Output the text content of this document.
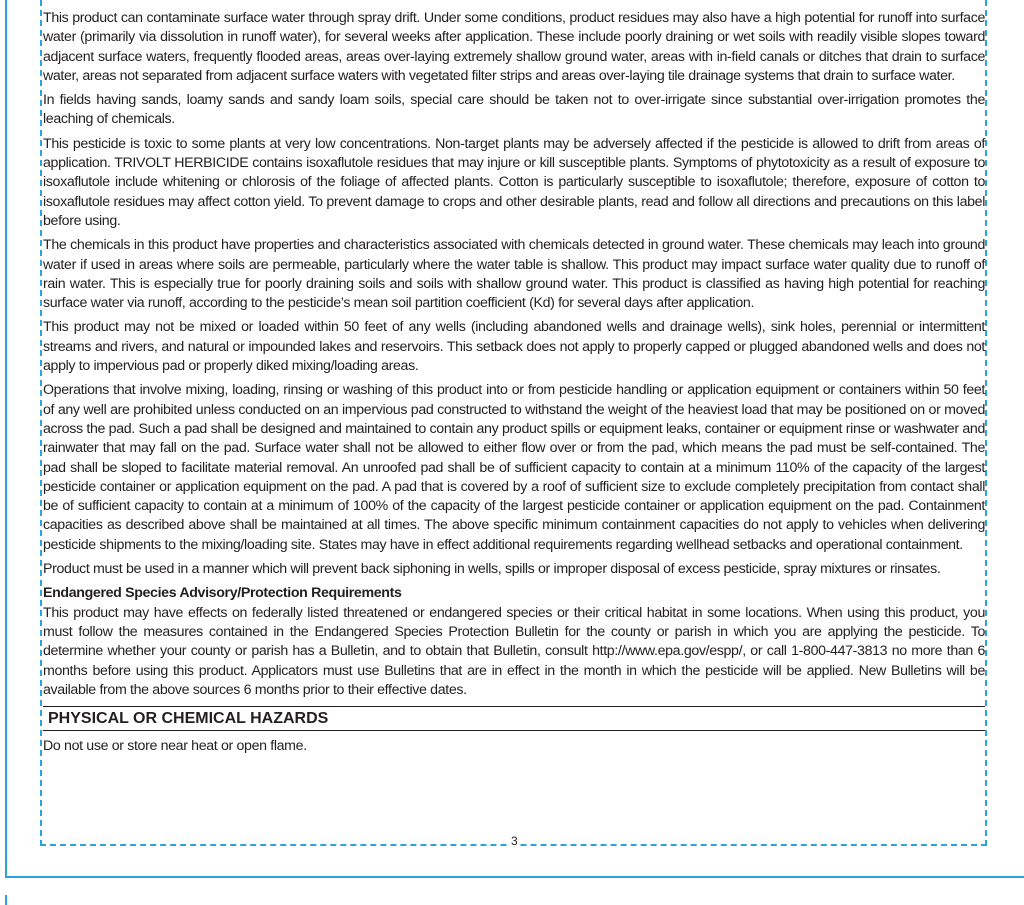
This product can contaminate surface water through spray drift. Under some conditions, product residues may also have a high potential for runoff into surface water (primarily via dissolution in runoff water), for several weeks after application. These include poorly draining or wet soils with readily visible slopes toward adjacent surface waters, frequently flooded areas, areas over-laying extremely shallow ground water, areas with in-field canals or ditches that drain to surface water, areas not separated from adjacent surface waters with vegetated filter strips and areas over-laying tile drainage systems that drain to surface water.

In fields having sands, loamy sands and sandy loam soils, special care should be taken not to over-irrigate since substantial over-irrigation promotes the leaching of chemicals.

This pesticide is toxic to some plants at very low concentrations. Non-target plants may be adversely affected if the pesticide is allowed to drift from areas of application. TRIVOLT HERBICIDE contains isoxaflutole residues that may injure or kill susceptible plants. Symptoms of phytotoxicity as a result of exposure to isoxaflutole include whitening or chlorosis of the foliage of affected plants. Cotton is particularly susceptible to isoxaflutole; therefore, exposure of cotton to isoxaflutole residues may affect cotton yield. To prevent damage to crops and other desirable plants, read and follow all directions and precautions on this label before using.

The chemicals in this product have properties and characteristics associated with chemicals detected in ground water. These chemicals may leach into ground water if used in areas where soils are permeable, particularly where the water table is shallow. This product may impact surface water quality due to runoff of rain water. This is especially true for poorly draining soils and soils with shallow ground water. This product is classified as having high potential for reaching surface water via runoff, according to the pesticide’s mean soil partition coefficient (Kd) for several days after application.

This product may not be mixed or loaded within 50 feet of any wells (including abandoned wells and drainage wells), sink holes, perennial or intermittent streams and rivers, and natural or impounded lakes and reservoirs. This setback does not apply to properly capped or plugged abandoned wells and does not apply to impervious pad or properly diked mixing/loading areas.

Operations that involve mixing, loading, rinsing or washing of this product into or from pesticide handling or application equipment or containers within 50 feet of any well are prohibited unless conducted on an impervious pad constructed to withstand the weight of the heaviest load that may be positioned on or moved across the pad. Such a pad shall be designed and maintained to contain any product spills or equipment leaks, container or equipment rinse or washwater and rainwater that may fall on the pad. Surface water shall not be allowed to either flow over or from the pad, which means the pad must be self-contained. The pad shall be sloped to facilitate material removal. An unroofed pad shall be of sufficient capacity to contain at a minimum 110% of the capacity of the largest pesticide container or application equipment on the pad. A pad that is covered by a roof of sufficient size to exclude completely precipitation from contact shall be of sufficient capacity to contain at a minimum of 100% of the capacity of the largest pesticide container or application equipment on the pad. Containment capacities as described above shall be maintained at all times. The above specific minimum containment capacities do not apply to vehicles when delivering pesticide shipments to the mixing/loading site. States may have in effect additional requirements regarding wellhead setbacks and operational containment.

Product must be used in a manner which will prevent back siphoning in wells, spills or improper disposal of excess pesticide, spray mixtures or rinsates.

Endangered Species Advisory/Protection Requirements

This product may have effects on federally listed threatened or endangered species or their critical habitat in some locations. When using this product, you must follow the measures contained in the Endangered Species Protection Bulletin for the county or parish in which you are applying the pesticide. To determine whether your county or parish has a Bulletin, and to obtain that Bulletin, consult http://www.epa.gov/espp/, or call 1-800-447-3813 no more than 6 months before using this product. Applicators must use Bulletins that are in effect in the month in which the pesticide will be applied. New Bulletins will be available from the above sources 6 months prior to their effective dates.

PHYSICAL OR CHEMICAL HAZARDS

Do not use or store near heat or open flame.

3
